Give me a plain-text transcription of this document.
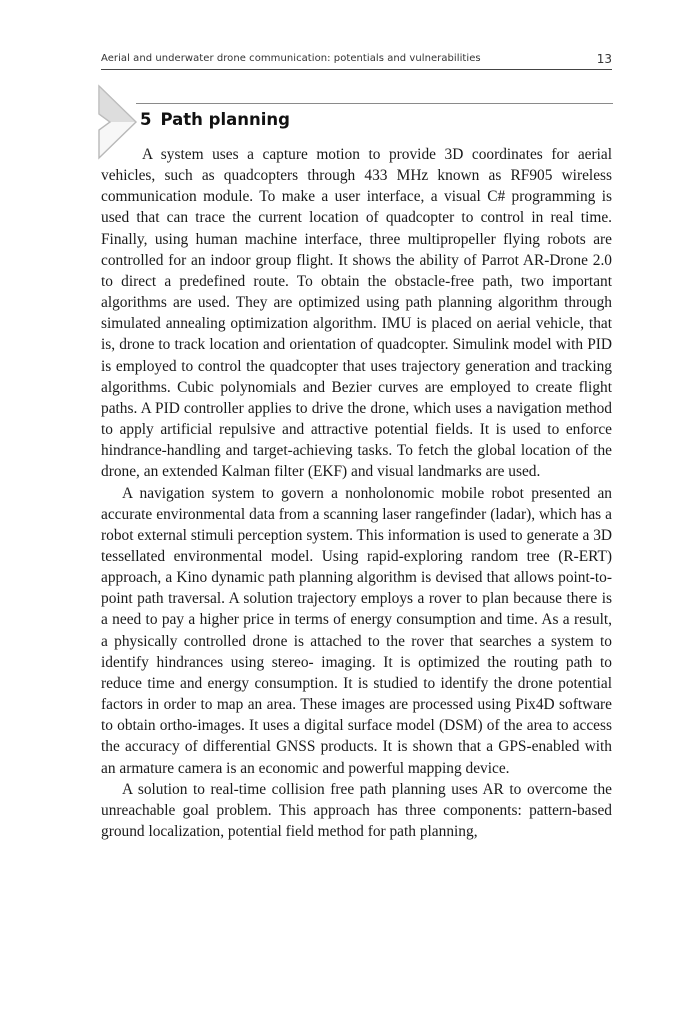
Aerial and underwater drone communication: potentials and vulnerabilities	13
5 Path planning

A system uses a capture motion to provide 3D coordinates for aerial vehicles, such as quadcopters through 433 MHz known as RF905 wireless communication module. To make a user interface, a visual C# programming is used that can trace the current location of quadcopter to control in real time. Finally, using human machine interface, three multipropeller flying robots are controlled for an indoor group flight. It shows the ability of Parrot AR-Drone 2.0 to direct a predefined route. To obtain the obstacle-free path, two important algorithms are used. They are optimized using path planning algorithm through simulated annealing optimization algorithm. IMU is placed on aerial vehicle, that is, drone to track location and orientation of quadcopter. Simulink model with PID is employed to control the quadcopter that uses trajectory generation and tracking algorithms. Cubic polynomials and Bezier curves are employed to create flight paths. A PID controller applies to drive the drone, which uses a navigation method to apply artificial repulsive and attractive potential fields. It is used to enforce hindrance-handling and target-achieving tasks. To fetch the global location of the drone, an extended Kalman filter (EKF) and visual landmarks are used.

A navigation system to govern a nonholonomic mobile robot presented an accurate environmental data from a scanning laser rangefinder (ladar), which has a robot external stimuli perception system. This information is used to generate a 3D tessellated environmental model. Using rapid-exploring random tree (R-ERT) approach, a Kino dynamic path planning algorithm is devised that allows point-to-point path traversal. A solution trajectory employs a rover to plan because there is a need to pay a higher price in terms of energy consumption and time. As a result, a physically controlled drone is attached to the rover that searches a system to identify hindrances using stereo- imaging. It is optimized the routing path to reduce time and energy consumption. It is studied to identify the drone potential factors in order to map an area. These images are processed using Pix4D software to obtain ortho-images. It uses a digital surface model (DSM) of the area to access the accuracy of differential GNSS products. It is shown that a GPS-enabled with an armature camera is an economic and powerful mapping device.

A solution to real-time collision free path planning uses AR to overcome the unreachable goal problem. This approach has three components: pattern-based ground localization, potential field method for path planning,
